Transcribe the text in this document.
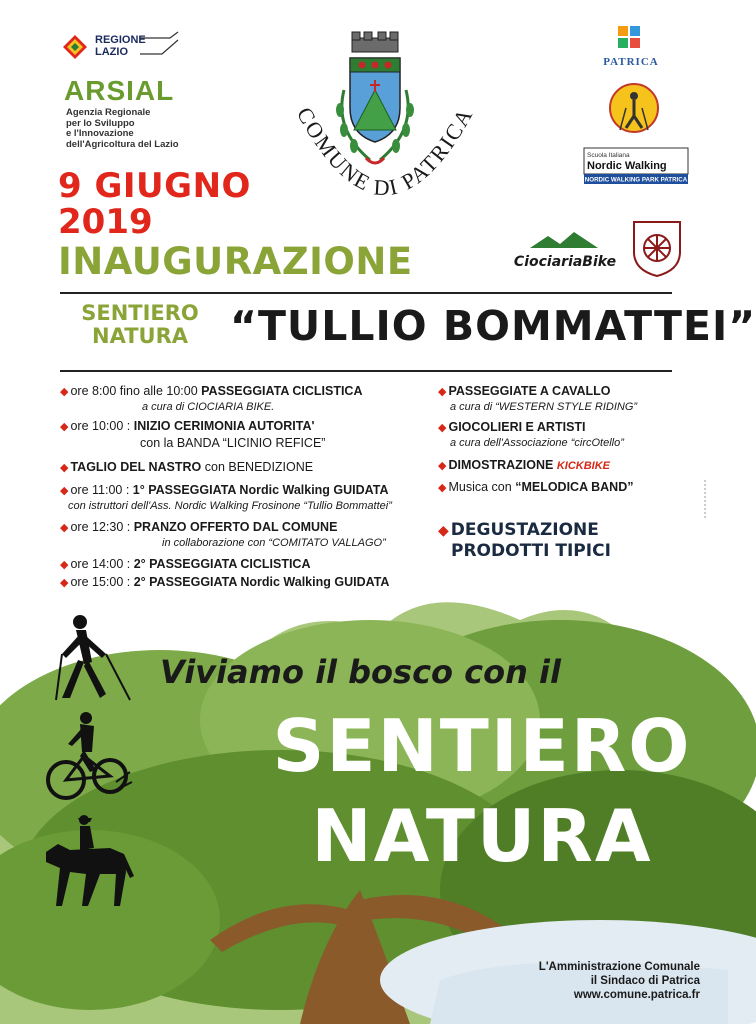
REGIONE LAZIO
ARSIAL
Agenzia Regionale
per lo Sviluppo
e l'Innovazione
dell'Agricoltura del Lazio
COMUNE DI PATRICA
PATRICA
Scuola Italiana
Nordic Walking
NORDIC WALKING PARK PATRICA
CiociariaBike
9 GIUGNO
2019
INAUGURAZIONE
SENTIERO
NATURA	“TULLIO BOMMATTEI”
◆ ore 8:00 fino alle 10:00 PASSEGGIATA CICLISTICA
a cura di CIOCIARIA BIKE.
◆ ore 10:00 : INIZIO CERIMONIA AUTORITA'
con la BANDA “LICINIO REFICE”
◆ TAGLIO DEL NASTRO con BENEDIZIONE
◆ ore 11:00 : 1° PASSEGGIATA Nordic Walking GUIDATA
con istruttori dell'Ass. Nordic Walking Frosinone “Tullio Bommattei”
◆ ore 12:30 : PRANZO OFFERTO DAL COMUNE
in collaborazione con “COMITATO VALLAGO”
◆ ore 14:00 : 2° PASSEGGIATA CICLISTICA
◆ ore 15:00 : 2° PASSEGGIATA Nordic Walking GUIDATA
◆ PASSEGGIATE A CAVALLO
a cura di “WESTERN STYLE RIDING”
◆ GIOCOLIERI E ARTISTI
a cura dell'Associazione “circOtello”
◆ DIMOSTRAZIONE KICKBIKE
◆ Musica con “MELODICA BAND”
◆ DEGUSTAZIONE
PRODOTTI TIPICI
Viviamo il bosco con il
SENTIERO
NATURA
L'Amministrazione Comunale
il Sindaco di Patrica
www.comune.patrica.fr
